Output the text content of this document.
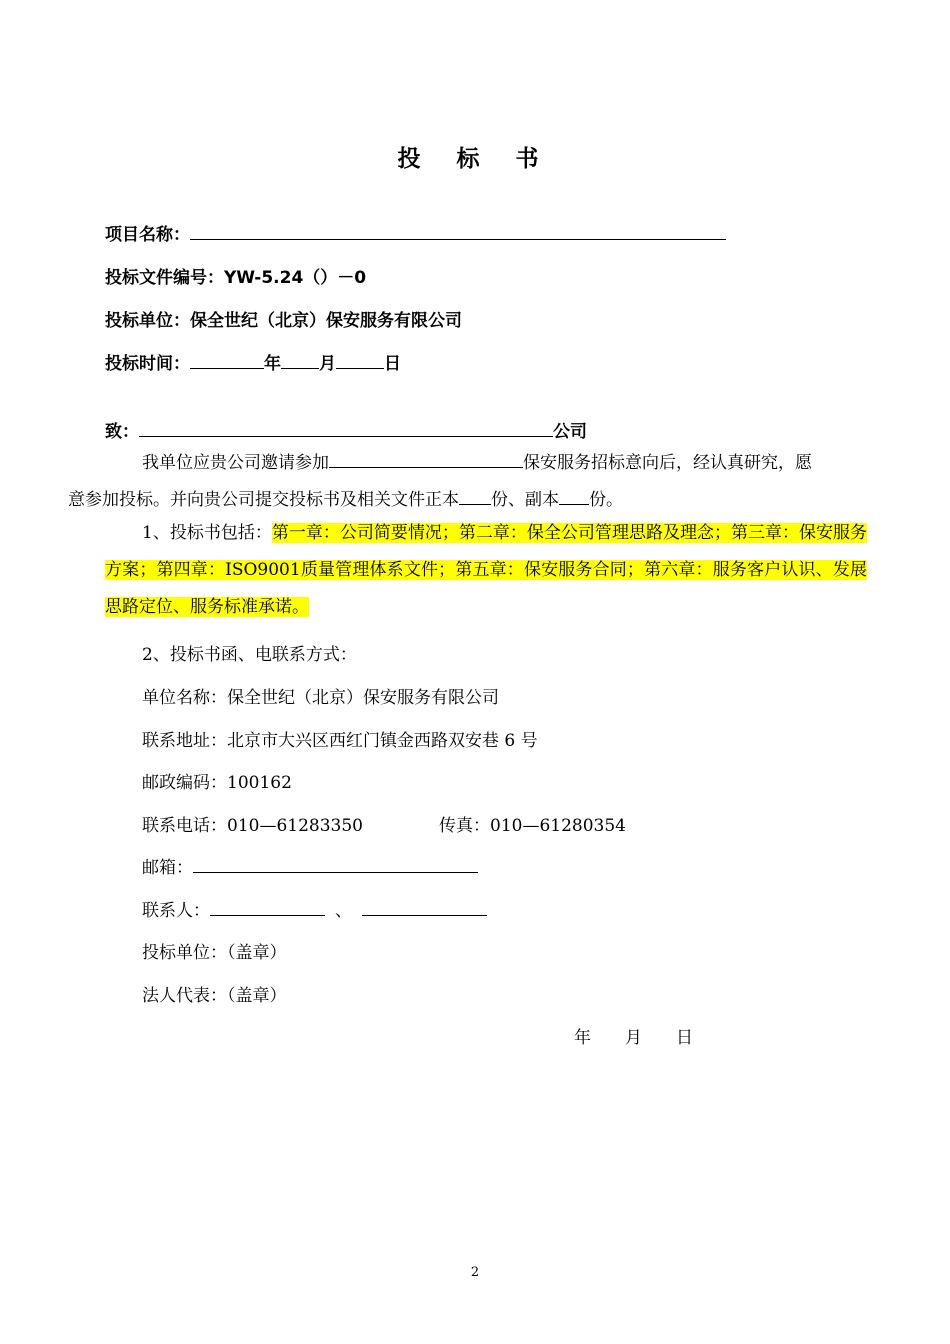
投 标 书
项目名称：
投标文件编号：YW-5.24（）－0
投标单位：保全世纪（北京）保安服务有限公司
投标时间：	年 月	日
致：	公司
我单位应贵公司邀请参加	保安服务招标意向后，经认真研究，愿
意参加投标。并向贵公司提交投标书及相关文件正本 份、副本 份。
1、投标书包括：第一章：公司简要情况；第二章：保全公司管理思路及理念；第三章：保安服务方案；第四章：ISO9001质量管理体系文件；第五章：保安服务合同；第六章：服务客户认识、发展思路定位、服务标准承诺。
2、投标书函、电联系方式：
单位名称：保全世纪（北京）保安服务有限公司
联系地址：北京市大兴区西红门镇金西路双安巷 6 号
邮政编码：100162
联系电话：010—61283350	传真：010—61280354
邮箱：
联系人：	、
投标单位：（盖章）
法人代表：（盖章）
年　　月　　日
2
